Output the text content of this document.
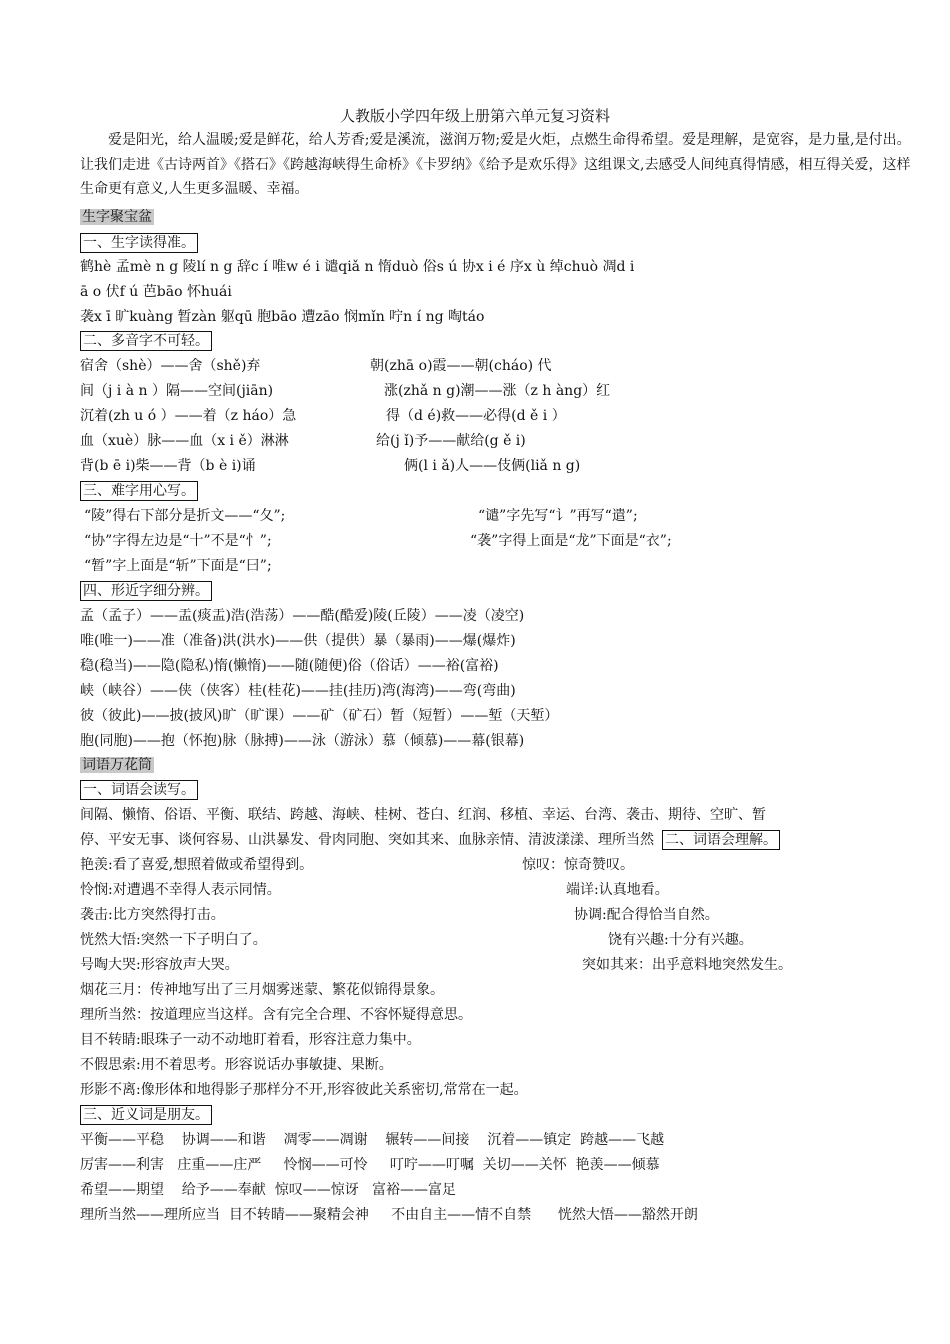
人教版小学四年级上册第六单元复习资料
爱是阳光，给人温暖;爱是鲜花，给人芳香;爱是溪流，滋润万物;爱是火炬，点燃生命得希望。爱是理解，是宽容，是力量,是付出。让我们走进《古诗两首》《搭石》《跨越海峡得生命桥》《卡罗纳》《给予是欢乐得》这组课文,去感受人间纯真得情感，相互得关爱，这样生命更有意义,人生更多温暖、幸福。
生字聚宝盆
一、生字读得准。
鹤hè 孟mè n g 陵lí n g 辞c í 唯w é i 谴qiǎ n 惰duò 俗s ú 协x i é 序x ù 绰chuò 凋d i
ā o 伏f ú 芭bāo 怀huái
袭x ī 旷kuàng 暂zàn 躯qū 胞bāo 遭zāo 悯mǐn 咛n í ng 啕táo
二、多音字不可轻。
宿舍（shè）——舍（shě)弃	朝(zhā o)霞——朝(cháo) 代
间（j i à n ）隔——空间(jiān)	涨(zhǎ n g)潮——涨（z h àng）红
沉着(zh u ó ）——着（z háo）急	得（d é)救——必得(d ě i ）
血（xuè）脉——血（x i ě）淋淋	给(j ǐ)予——献给(g ě i)
背(b ē i)柴——背（b è i)诵	俩(l i ǎ)人——伎俩(liǎ n g)
三、难字用心写。
“陵”得右下部分是折文——“夂”;	“谴”字先写“讠”再写“遣”;
“协”字得左边是“十”不是“忄”;	“袭”字得上面是“龙”下面是“衣”;
“暂”字上面是“斩”下面是“曰”;
四、形近字细分辨。
孟（孟子）——盂(痰盂)浩(浩荡）——酷(酷爱)陵(丘陵）——凌（凌空)
唯(唯一)——准（准备)洪(洪水)——供（提供）暴（暴雨)——爆(爆炸)
稳(稳当)——隐(隐私)惰(懒惰)——随(随便)俗（俗话）——裕(富裕)
峡（峡谷）——侠（侠客）桂(桂花)——挂(挂历)湾(海湾)——弯(弯曲)
彼（彼此)——披(披风)旷（旷课）——矿（矿石）暂（短暂）——堑（天堑）
胞(同胞)——抱（怀抱)脉（脉搏)——泳（游泳）慕（倾慕)——幕(银幕)
词语万花筒
一、词语会读写。
间隔、懒惰、俗语、平衡、联结、跨越、海峡、桂树、苍白、红润、移植、幸运、台湾、袭击、期待、空旷、暂
停、平安无事、谈何容易、山洪暴发、骨肉同胞、突如其来、血脉亲情、清波漾漾、理所当然 二、词语会理解。
艳羡:看了喜爱,想照着做或希望得到。	惊叹：惊奇赞叹。
怜悯:对遭遇不幸得人表示同情。	端详:认真地看。
袭击:比方突然得打击。	协调:配合得恰当自然。
恍然大悟:突然一下子明白了。	饶有兴趣:十分有兴趣。
号啕大哭:形容放声大哭。	突如其来：出乎意料地突然发生。
烟花三月：传神地写出了三月烟雾迷蒙、繁花似锦得景象。
理所当然：按道理应当这样。含有完全合理、不容怀疑得意思。
目不转睛:眼珠子一动不动地盯着看，形容注意力集中。
不假思索:用不着思考。形容说话办事敏捷、果断。
形影不离:像形体和地得影子那样分不开,形容彼此关系密切,常常在一起。
三、近义词是朋友。
平衡——平稳    协调——和谐    凋零——凋谢    辗转——间接    沉着——镇定  跨越——飞越
厉害——利害   庄重——庄严     怜悯——可怜     叮咛——叮嘱  关切——关怀  艳羡——倾慕
希望——期望    给予——奉献  惊叹——惊讶   富裕——富足
理所当然——理所应当  目不转睛——聚精会神     不由自主——情不自禁      恍然大悟——豁然开朗
